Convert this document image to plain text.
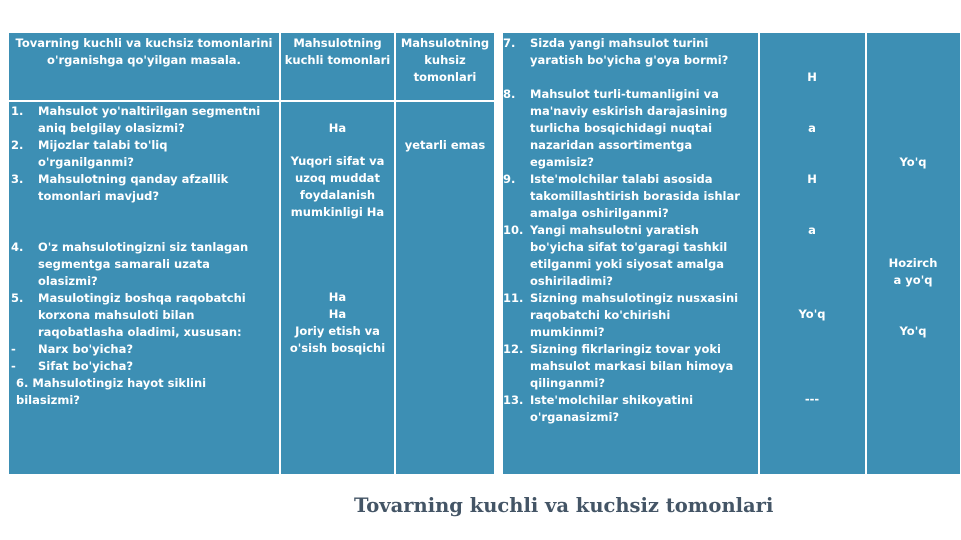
Tovarning kuchli va kuchsiz tomonlarini o'rganishga qo'yilgan masala.
Mahsulotning kuchli tomonlari
Mahsulotning kuhsiz tomonlari
1. Mahsulot yo'naltirilgan segmentni aniq belgilay olasizmi?
2. Mijozlar talabi to'liq o'rganilganmi?
3. Mahsulotning qanday afzallik tomonlari mavjud?
4. O'z mahsulotingizni siz tanlagan segmentga samarali uzata olasizmi?
5. Masulotingiz boshqa raqobatchi korxona mahsuloti bilan raqobatlasha oladimi, xususan:
- Narx bo'yicha?
- Sifat bo'yicha?
6. Mahsulotingiz hayot siklini bilasizmi?
Ha
Yuqori sifat va uzoq muddat foydalanish mumkinligi Ha
Ha
Ha
Joriy etish va o'sish bosqichi
yetarli emas
7. Sizda yangi mahsulot turini yaratish bo'yicha g'oya bormi?
8. Mahsulot turli-tumanligini va ma'naviy eskirish darajasining turlicha bosqichidagi nuqtai nazaridan assortimentga egamisiz?
9. Iste'molchilar talabi asosida takomillashtirish borasida ishlar amalga oshirilganmi?
10. Yangi mahsulotni yaratish bo'yicha sifat to'garagi tashkil etilganmi yoki siyosat amalga oshiriladimi?
11. Sizning mahsulotingiz nusxasini raqobatchi ko'chirishi mumkinmi?
12. Sizning fikrlaringiz tovar yoki mahsulot markasi bilan himoya qilinganmi?
13. Iste'molchilar shikoyatini o'rganasizmi?
H
a
H
a
Yo'q
---
Yo'q
Hozirch a yo'q
Yo'q
Tovarning kuchli va kuchsiz tomonlari
